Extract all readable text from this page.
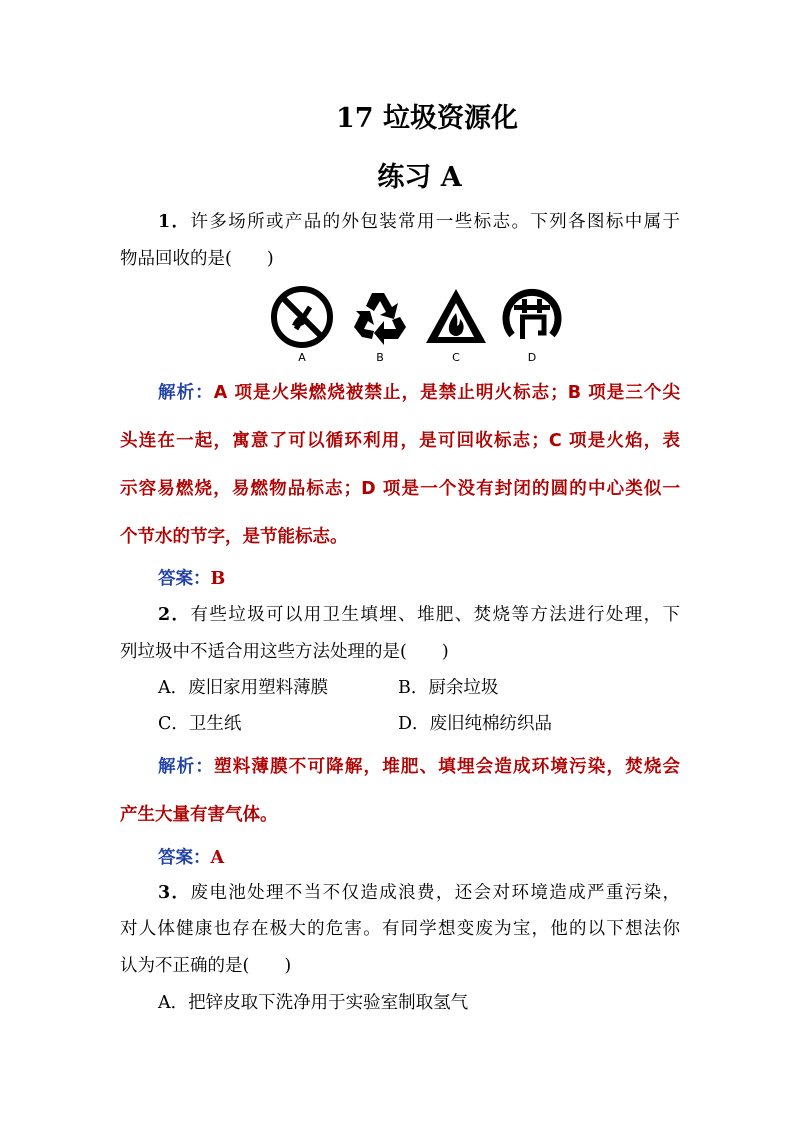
17 垃圾资源化
练习 A
1．许多场所或产品的外包装常用一些标志。下列各图标中属于
物品回收的是(　　)
A	B	C	D
解析：A 项是火柴燃烧被禁止，是禁止明火标志；B 项是三个尖
头连在一起，寓意了可以循环利用，是可回收标志；C 项是火焰，表
示容易燃烧，易燃物品标志；D 项是一个没有封闭的圆的中心类似一
个节水的节字，是节能标志。
答案：B
2．有些垃圾可以用卫生填埋、堆肥、焚烧等方法进行处理，下
列垃圾中不适合用这些方法处理的是(　　)
A．废旧家用塑料薄膜	B．厨余垃圾
C．卫生纸	D．废旧纯棉纺织品
解析：塑料薄膜不可降解，堆肥、填埋会造成环境污染，焚烧会
产生大量有害气体。
答案：A
3．废电池处理不当不仅造成浪费，还会对环境造成严重污染，
对人体健康也存在极大的危害。有同学想变废为宝，他的以下想法你
认为不正确的是(　　)
A．把锌皮取下洗净用于实验室制取氢气
